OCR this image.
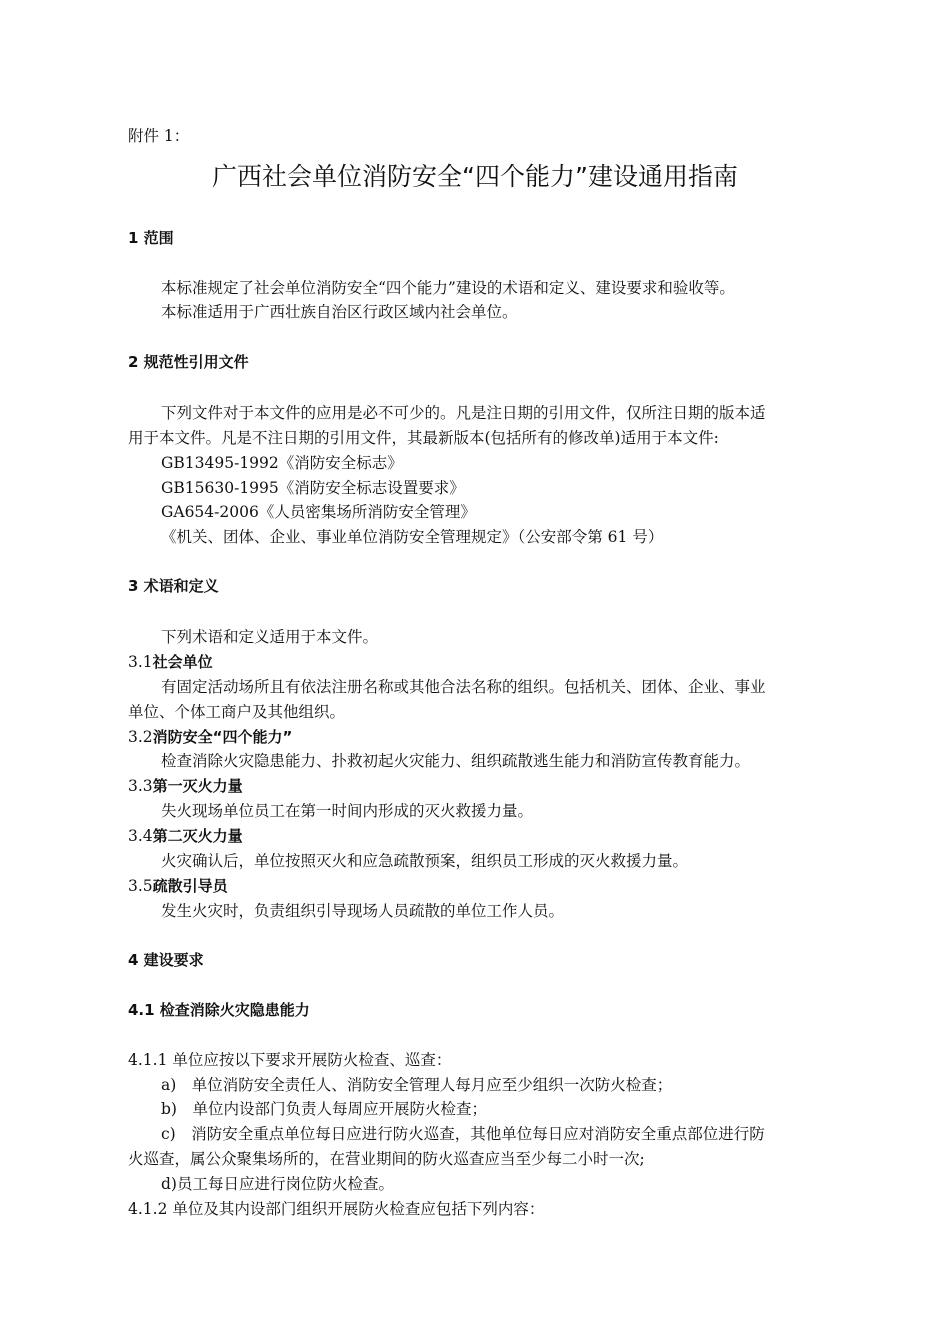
附件 1：
广西社会单位消防安全“四个能力”建设通用指南
1 范围
本标准规定了社会单位消防安全“四个能力”建设的术语和定义、建设要求和验收等。
本标准适用于广西壮族自治区行政区域内社会单位。
2 规范性引用文件
下列文件对于本文件的应用是必不可少的。凡是注日期的引用文件，仅所注日期的版本适
用于本文件。凡是不注日期的引用文件，其最新版本(包括所有的修改单)适用于本文件:
GB13495-1992《消防安全标志》
GB15630-1995《消防安全标志设置要求》
GA654-2006《人员密集场所消防安全管理》
《机关、团体、企业、事业单位消防安全管理规定》（公安部令第 61 号）
3 术语和定义
下列术语和定义适用于本文件。
3.1社会单位
有固定活动场所且有依法注册名称或其他合法名称的组织。包括机关、团体、企业、事业
单位、个体工商户及其他组织。
3.2消防安全“四个能力”
检查消除火灾隐患能力、扑救初起火灾能力、组织疏散逃生能力和消防宣传教育能力。
3.3第一灭火力量
失火现场单位员工在第一时间内形成的灭火救援力量。
3.4第二灭火力量
火灾确认后，单位按照灭火和应急疏散预案，组织员工形成的灭火救援力量。
3.5疏散引导员
发生火灾时，负责组织引导现场人员疏散的单位工作人员。
4 建设要求
4.1 检查消除火灾隐患能力
4.1.1 单位应按以下要求开展防火检查、巡查：
a)　单位消防安全责任人、消防安全管理人每月应至少组织一次防火检查；
b)　单位内设部门负责人每周应开展防火检查；
c)　消防安全重点单位每日应进行防火巡查，其他单位每日应对消防安全重点部位进行防
火巡查，属公众聚集场所的，在营业期间的防火巡查应当至少每二小时一次;
d)员工每日应进行岗位防火检查。
4.1.2 单位及其内设部门组织开展防火检查应包括下列内容：
